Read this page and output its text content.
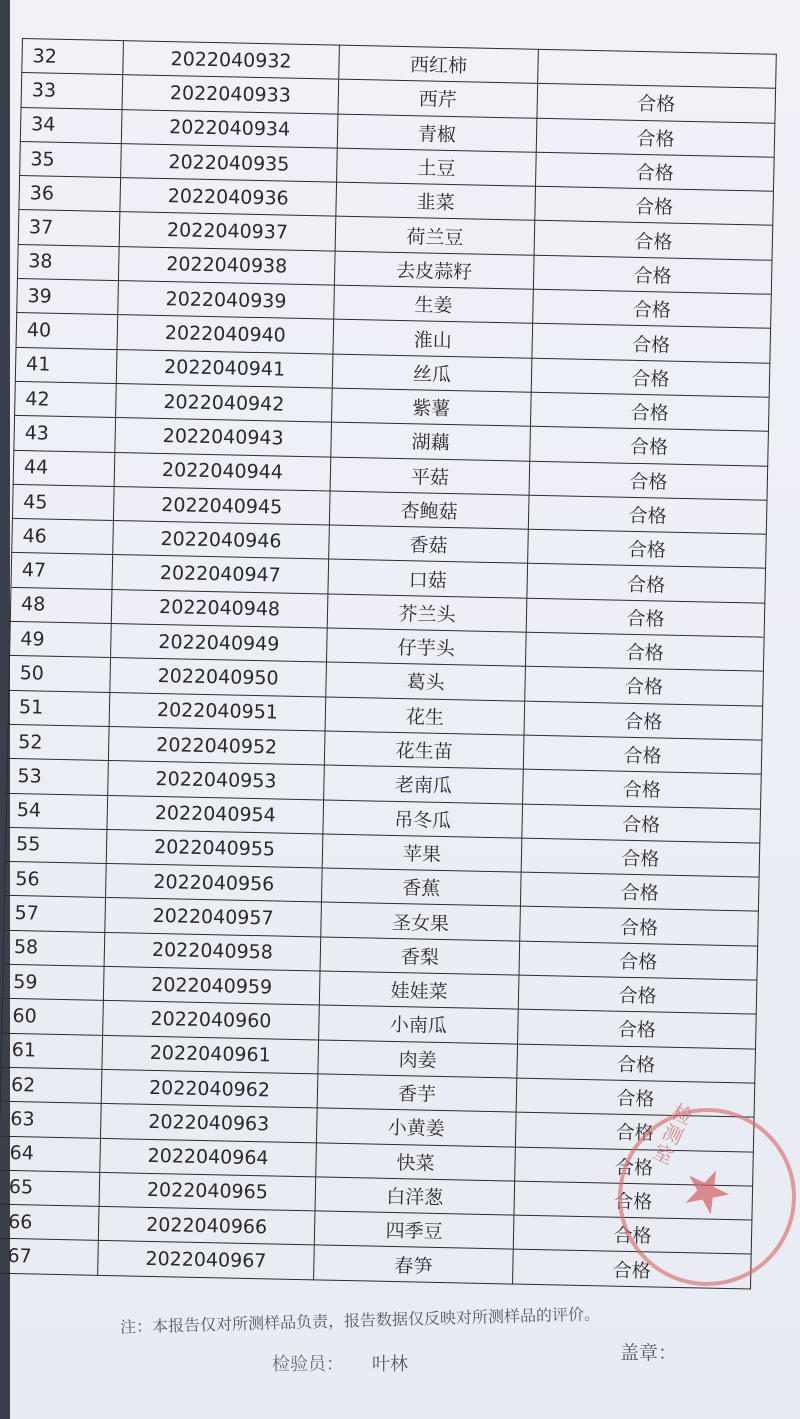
32	2022040932	西红柿	
33	2022040933	西芹	合格
34	2022040934	青椒	合格
35	2022040935	土豆	合格
36	2022040936	韭菜	合格
37	2022040937	荷兰豆	合格
38	2022040938	去皮蒜籽	合格
39	2022040939	生姜	合格
40	2022040940	淮山	合格
41	2022040941	丝瓜	合格
42	2022040942	紫薯	合格
43	2022040943	湖藕	合格
44	2022040944	平菇	合格
45	2022040945	杏鲍菇	合格
46	2022040946	香菇	合格
47	2022040947	口菇	合格
48	2022040948	芥兰头	合格
49	2022040949	仔芋头	合格
50	2022040950	葛头	合格
51	2022040951	花生	合格
52	2022040952	花生苗	合格
53	2022040953	老南瓜	合格
54	2022040954	吊冬瓜	合格
55	2022040955	苹果	合格
56	2022040956	香蕉	合格
57	2022040957	圣女果	合格
58	2022040958	香梨	合格
59	2022040959	娃娃菜	合格
60	2022040960	小南瓜	合格
61	2022040961	肉姜	合格
62	2022040962	香芋	合格
63	2022040963	小黄姜	合格
64	2022040964	快菜	合格
65	2022040965	白洋葱	合格
66	2022040966	四季豆	合格
67	2022040967	春笋	合格
检测室
★
注：本报告仅对所测样品负责，报告数据仅反映对所测样品的评价。
检验员： 叶林
盖章：
